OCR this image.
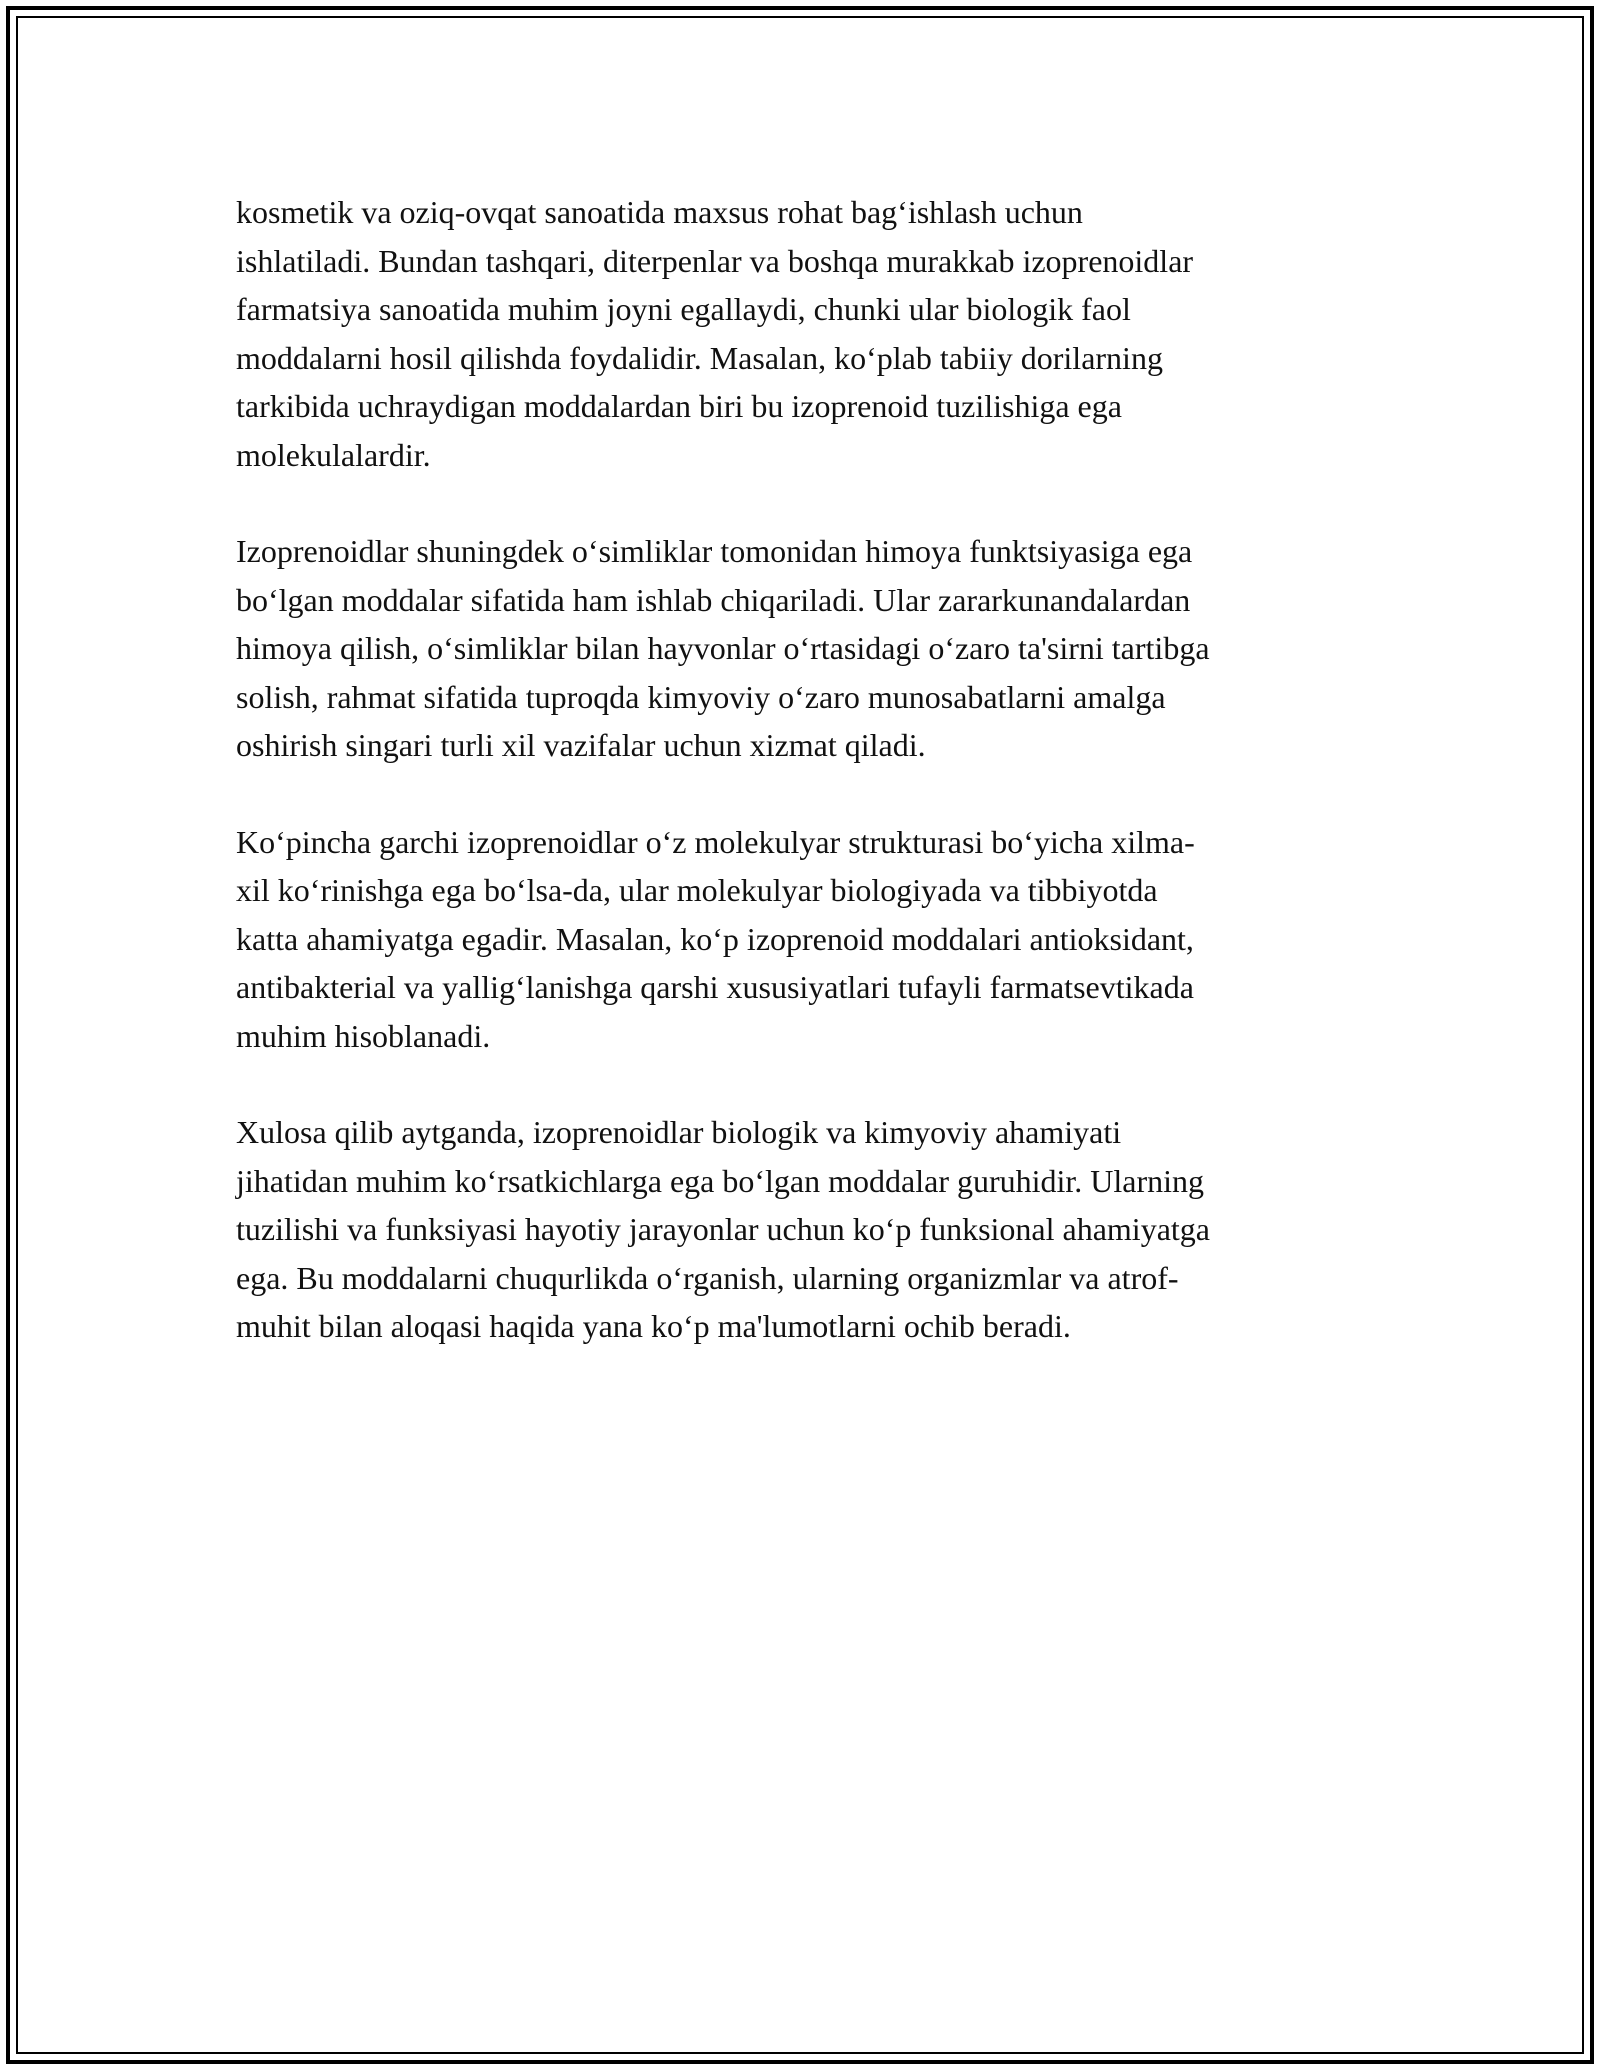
kosmetik va oziq-ovqat sanoatida maxsus rohat bag‘ishlash uchun
ishlatiladi. Bundan tashqari, diterpenlar va boshqa murakkab izoprenoidlar
farmatsiya sanoatida muhim joyni egallaydi, chunki ular biologik faol
moddalarni hosil qilishda foydalidir. Masalan, ko‘plab tabiiy dorilarning
tarkibida uchraydigan moddalardan biri bu izoprenoid tuzilishiga ega
molekulalardir.

Izoprenoidlar shuningdek o‘simliklar tomonidan himoya funktsiyasiga ega
bo‘lgan moddalar sifatida ham ishlab chiqariladi. Ular zararkunandalardan
himoya qilish, o‘simliklar bilan hayvonlar o‘rtasidagi o‘zaro ta'sirni tartibga
solish, rahmat sifatida tuproqda kimyoviy o‘zaro munosabatlarni amalga
oshirish singari turli xil vazifalar uchun xizmat qiladi.

Ko‘pincha garchi izoprenoidlar o‘z molekulyar strukturasi bo‘yicha xilma-
xil ko‘rinishga ega bo‘lsa-da, ular molekulyar biologiyada va tibbiyotda
katta ahamiyatga egadir. Masalan, ko‘p izoprenoid moddalari antioksidant,
antibakterial va yallig‘lanishga qarshi xususiyatlari tufayli farmatsevtikada
muhim hisoblanadi.

Xulosa qilib aytganda, izoprenoidlar biologik va kimyoviy ahamiyati
jihatidan muhim ko‘rsatkichlarga ega bo‘lgan moddalar guruhidir. Ularning
tuzilishi va funksiyasi hayotiy jarayonlar uchun ko‘p funksional ahamiyatga
ega. Bu moddalarni chuqurlikda o‘rganish, ularning organizmlar va atrof-
muhit bilan aloqasi haqida yana ko‘p ma'lumotlarni ochib beradi.
